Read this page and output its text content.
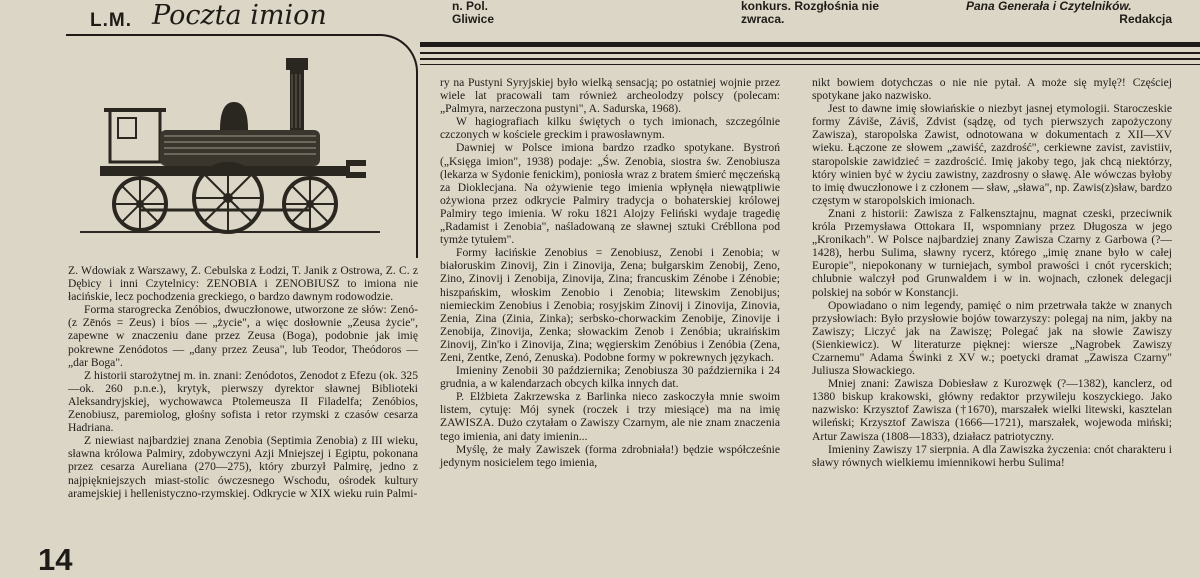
L.M. Poczta imion	n. Pol. Gliwice
konkurs. Rozgłośnia nie zwraca.
Pana Generała i Czytelników.
Redakcja

Z. Wdowiak z Warszawy, Z. Cebulska z Łodzi, T. Janik z Ostrowa, Z. C. z Dębicy i inni Czytelnicy: ZENOBIA i ZENOBIUSZ to imiona nie łacińskie, lecz pochodzenia greckiego, o bardzo dawnym rodowodzie.

Forma starogrecka Zenóbios, dwuczłonowe, utworzone ze słów: Zenó- (z Zēnós = Zeus) i bíos — „życie", a więc dosłownie „Zeusa życie", zapewne w znaczeniu dane przez Zeusa (Boga), podobnie jak imię pokrewne Zenódotos — „dany przez Zeusa", lub Teodor, Theódoros — „dar Boga".

Z historii starożytnej m. in. znani: Zenódotos, Zenodot z Efezu (ok. 325—ok. 260 p.n.e.), krytyk, pierwszy dyrektor sławnej Biblioteki Aleksandryjskiej, wychowawca Ptolemeusza II Filadelfa; Zenóbios, Zenobiusz, paremiolog, głośny sofista i retor rzymski z czasów cesarza Hadriana.

Z niewiast najbardziej znana Zenobia (Septimia Zenobia) z III wieku, sławna królowa Palmiry, zdobywczyni Azji Mniejszej i Egiptu, pokonana przez cesarza Aureliana (270—275), który zburzył Palmirę, jedno z najpiękniejszych miast-stolic ówczesnego Wschodu, ośrodek kultury aramejskiej i hellenistyczno-rzymskiej. Odkrycie w XIX wieku ruin Palmi-

ry na Pustyni Syryjskiej było wielką sensacją; po ostatniej wojnie przez wiele lat pracowali tam również archeolodzy polscy (polecam: „Palmyra, narzeczona pustyni", A. Sadurska, 1968).

W hagiografiach kilku świętych o tych imionach, szczególnie czczonych w kościele greckim i prawosławnym.

Dawniej w Polsce imiona bardzo rzadko spotykane. Bystroń („Księga imion", 1938) podaje: „Św. Zenobia, siostra św. Zenobiusza (lekarza w Sydonie fenickim), poniosła wraz z bratem śmierć męczeńską za Dioklecjana. Na ożywienie tego imienia wpłynęła niewątpliwie ożywiona przez odkrycie Palmiry tradycja o bohaterskiej królowej Palmiry tego imienia. W roku 1821 Alojzy Feliński wydaje tragedię „Radamist i Zenobia", naśladowaną ze sławnej sztuki Crébllona pod tymże tytułem".

Formy łacińskie Zenobius = Zenobiusz, Zenobi i Zenobia; w białoruskim Zinovij, Zin i Zinovija, Zena; bułgarskim Zenobij, Zeno, Zino, Zinovij i Zenobija, Zinovija, Zina; francuskim Zénobe i Zénobie; hiszpańskim, włoskim Zenobio i Zenobia; litewskim Zenobijus; niemieckim Zenobius i Zenobia; rosyjskim Zinovij i Zinovija, Zinovia, Zenia, Zina (Zinia, Zinka); serbsko-chorwackim Zenobije, Zinovije i Zenobija, Zinovija, Zenka; słowackim Zenob i Zenóbia; ukraińskim Zinovij, Zin'ko i Zinovija, Zina; węgierskim Zenóbius i Zenóbia (Zena, Zeni, Zentke, Zenó, Zenuska). Podobne formy w pokrewnych językach.

Imieniny Zenobii 30 października; Zenobiusza 30 października i 24 grudnia, a w kalendarzach obcych kilka innych dat.

P. Elżbieta Zakrzewska z Barlinka nieco zaskoczyła mnie swoim listem, cytuję: Mój synek (roczek i trzy miesiące) ma na imię ZAWISZA. Dużo czytałam o Zawiszy Czarnym, ale nie znam znaczenia tego imienia, ani daty imienin...

Myślę, że mały Zawiszek (forma zdrobniała!) będzie współcześnie jedynym nosicielem tego imienia,

nikt bowiem dotychczas o nie nie pytał. A może się mylę?! Częściej spotykane jako nazwisko.

Jest to dawne imię słowiańskie o niezbyt jasnej etymologii. Staroczeskie formy Záviše, Záviš, Zdvist (sądzę, od tych pierwszych zapożyczony Zawisza), staropolska Zawist, odnotowana w dokumentach z XII—XV wieku. Łączone ze słowem „zawiść, zazdrość", cerkiewne zavist, zavistiiv, staropolskie zawidzieć = zazdrościć. Imię jakoby tego, jak chcą niektórzy, który winien być w życiu zawistny, zazdrosny o sławę. Ale wówczas byłoby to imię dwuczłonowe i z członem — sław, „sława", np. Zawis(z)sław, bardzo częstym w staropolskich imionach.

Znani z historii: Zawisza z Falkensztajnu, magnat czeski, przeciwnik króla Przemysława Ottokara II, wspomniany przez Długosza w jego „Kronikach". W Polsce najbardziej znany Zawisza Czarny z Garbowa (?—1428), herbu Sulima, sławny rycerz, któregο „imię znane było w całej Europie", niepokonany w turniejach, symbol prawości i cnót rycerskich; chlubnie walczył pod Grunwaldem i w in. wojnach, członek delegacji polskiej na sobór w Konstancji.

Opowiadano o nim legendy, pamięć o nim przetrwała także w znanych przysłowiach: Było przysłowie bojów towarzyszy: polegaj na nim, jakby na Zawiszy; Liczyć jak na Zawiszę; Polegać jak na słowie Zawiszy (Sienkiewicz). W literaturze pięknej: wiersze „Nagrobek Zawiszy Czarnemu" Adama Świnki z XV w.; poetycki dramat „Zawisza Czarny" Juliusza Słowackiego.

Mniej znani: Zawisza Dobiesław z Kurozwęk (?—1382), kanclerz, od 1380 biskup krakowski, główny redaktor przywileju koszyckiego. Jako nazwisko: Krzysztof Zawisza (†1670), marszałek wielki litewski, kasztelan wileński; Krzysztof Zawisza (1666—1721), marszałek, wojewoda miński; Artur Zawisza (1808—1833), działacz patriotyczny.

Imieniny Zawiszy 17 sierpnia. A dla Zawiszka życzenia: cnót charakteru i sławy równych wielkiemu imiennikowi herbu Sulima!

14
